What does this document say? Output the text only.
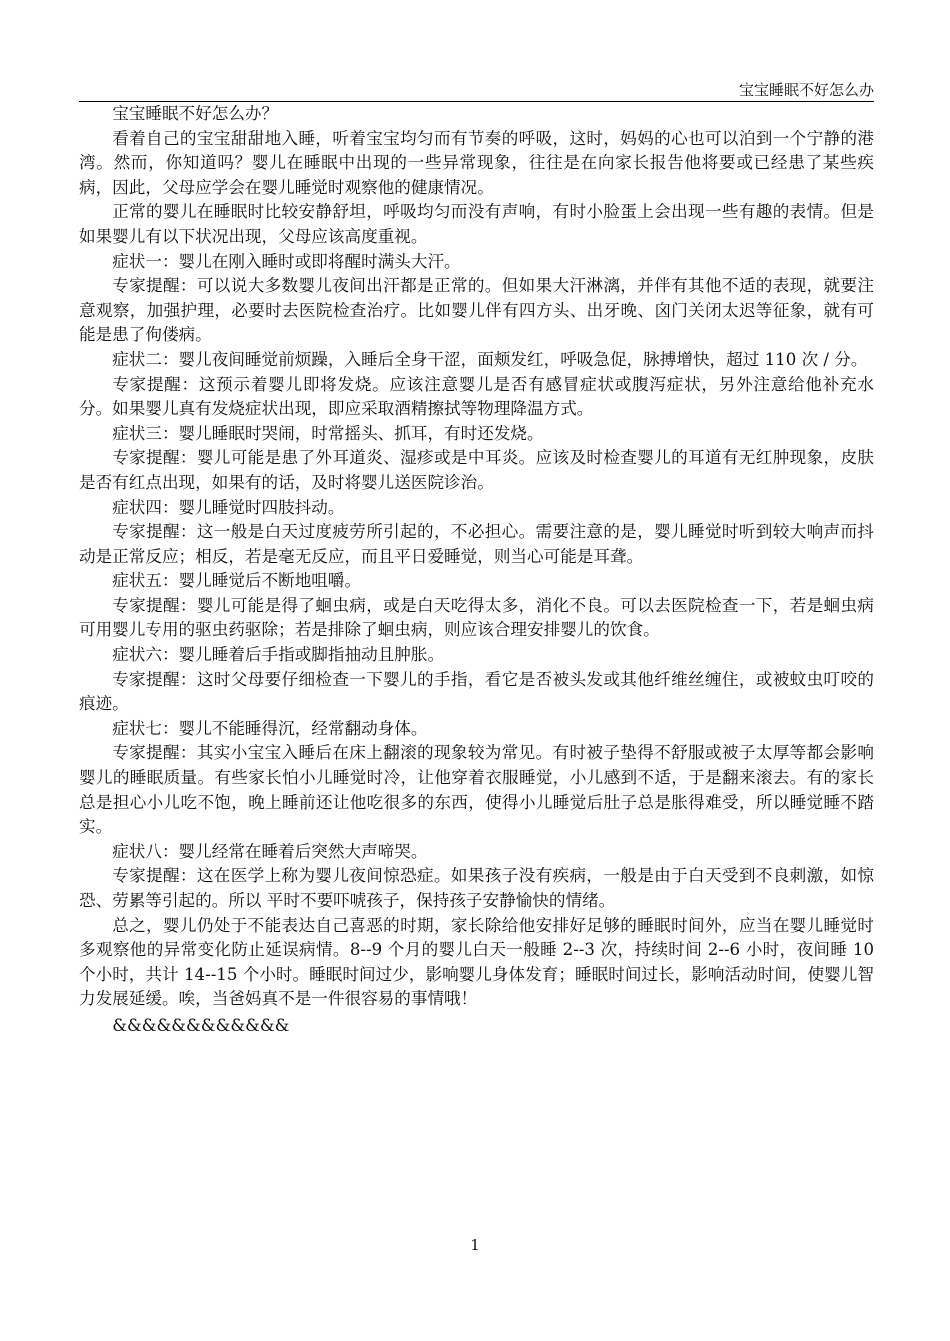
宝宝睡眠不好怎么办

宝宝睡眠不好怎么办？

看着自己的宝宝甜甜地入睡，听着宝宝均匀而有节奏的呼吸，这时，妈妈的心也可以泊到一个宁静的港湾。然而，你知道吗？婴儿在睡眠中出现的一些异常现象，往往是在向家长报告他将要或已经患了某些疾病，因此，父母应学会在婴儿睡觉时观察他的健康情况。

正常的婴儿在睡眠时比较安静舒坦，呼吸均匀而没有声响，有时小脸蛋上会出现一些有趣的表情。但是如果婴儿有以下状况出现，父母应该高度重视。

症状一：婴儿在刚入睡时或即将醒时满头大汗。

专家提醒：可以说大多数婴儿夜间出汗都是正常的。但如果大汗淋漓，并伴有其他不适的表现，就要注意观察，加强护理，必要时去医院检查治疗。比如婴儿伴有四方头、出牙晚、囟门关闭太迟等征象，就有可能是患了佝偻病。

症状二：婴儿夜间睡觉前烦躁，入睡后全身干涩，面颊发红，呼吸急促，脉搏增快，超过 110 次 / 分。

专家提醒：这预示着婴儿即将发烧。应该注意婴儿是否有感冒症状或腹泻症状，另外注意给他补充水分。如果婴儿真有发烧症状出现，即应采取酒精擦拭等物理降温方式。

症状三：婴儿睡眠时哭闹，时常摇头、抓耳，有时还发烧。

专家提醒：婴儿可能是患了外耳道炎、湿疹或是中耳炎。应该及时检查婴儿的耳道有无红肿现象，皮肤是否有红点出现，如果有的话，及时将婴儿送医院诊治。

症状四：婴儿睡觉时四肢抖动。

专家提醒：这一般是白天过度疲劳所引起的，不必担心。需要注意的是，婴儿睡觉时听到较大响声而抖动是正常反应；相反，若是毫无反应，而且平日爱睡觉，则当心可能是耳聋。

症状五：婴儿睡觉后不断地咀嚼。

专家提醒：婴儿可能是得了蛔虫病，或是白天吃得太多，消化不良。可以去医院检查一下，若是蛔虫病可用婴儿专用的驱虫药驱除；若是排除了蛔虫病，则应该合理安排婴儿的饮食。

症状六：婴儿睡着后手指或脚指抽动且肿胀。

专家提醒：这时父母要仔细检查一下婴儿的手指，看它是否被头发或其他纤维丝缠住，或被蚊虫叮咬的痕迹。

症状七：婴儿不能睡得沉，经常翻动身体。

专家提醒：其实小宝宝入睡后在床上翻滚的现象较为常见。有时被子垫得不舒服或被子太厚等都会影响婴儿的睡眠质量。有些家长怕小儿睡觉时冷，让他穿着衣服睡觉，小儿感到不适，于是翻来滚去。有的家长总是担心小儿吃不饱，晚上睡前还让他吃很多的东西，使得小儿睡觉后肚子总是胀得难受，所以睡觉睡不踏实。

症状八：婴儿经常在睡着后突然大声啼哭。

专家提醒：这在医学上称为婴儿夜间惊恐症。如果孩子没有疾病，一般是由于白天受到不良刺激，如惊恐、劳累等引起的。所以 平时不要吓唬孩子，保持孩子安静愉快的情绪。

总之，婴儿仍处于不能表达自己喜恶的时期，家长除给他安排好足够的睡眠时间外，应当在婴儿睡觉时多观察他的异常变化防止延误病情。8--9 个月的婴儿白天一般睡 2--3 次，持续时间 2--6 小时，夜间睡 10 个小时，共计 14--15 个小时。睡眠时间过少，影响婴儿身体发育；睡眠时间过长，影响活动时间，使婴儿智力发展延缓。唉，当爸妈真不是一件很容易的事情哦！

&&&&&&&&&&&&

1
